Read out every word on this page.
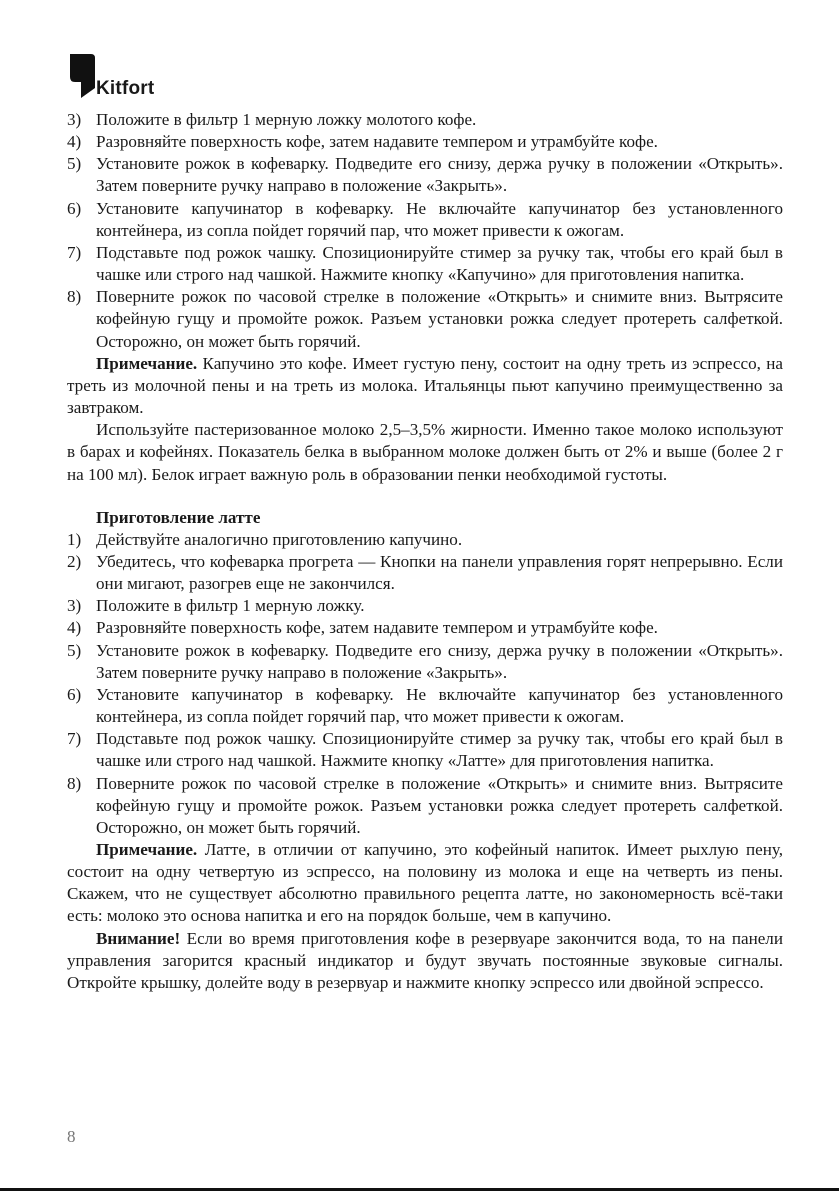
Kitfort
3) Положите в фильтр 1 мерную ложку молотого кофе.
4) Разровняйте поверхность кофе, затем надавите темпером и утрамбуйте кофе.
5) Установите рожок в кофеварку. Подведите его снизу, держа ручку в положении «Открыть». Затем поверните ручку направо в положение «Закрыть».
6) Установите капучинатор в кофеварку. Не включайте капучинатор без установленного контейнера, из сопла пойдет горячий пар, что может привести к ожогам.
7) Подставьте под рожок чашку. Спозиционируйте стимер за ручку так, чтобы его край был в чашке или строго над чашкой. Нажмите кнопку «Капучино» для приготовления напитка.
8) Поверните рожок по часовой стрелке в положение «Открыть» и снимите вниз. Вытрясите кофейную гущу и промойте рожок. Разъем установки рожка следует протереть салфеткой. Осторожно, он может быть горячий.

Примечание. Капучино это кофе. Имеет густую пену, состоит на одну треть из эспрессо, на треть из молочной пены и на треть из молока. Итальянцы пьют капучино преимущественно за завтраком.

Используйте пастеризованное молоко 2,5–3,5% жирности. Именно такое молоко используют в барах и кофейнях. Показатель белка в выбранном молоке должен быть от 2% и выше (более 2 г на 100 мл). Белок играет важную роль в образовании пенки необходимой густоты.

Приготовление латте
1) Действуйте аналогично приготовлению капучино.
2) Убедитесь, что кофеварка прогрета — Кнопки на панели управления горят непрерывно. Если они мигают, разогрев еще не закончился.
3) Положите в фильтр 1 мерную ложку.
4) Разровняйте поверхность кофе, затем надавите темпером и утрамбуйте кофе.
5) Установите рожок в кофеварку. Подведите его снизу, держа ручку в положении «Открыть». Затем поверните ручку направо в положение «Закрыть».
6) Установите капучинатор в кофеварку. Не включайте капучинатор без установленного контейнера, из сопла пойдет горячий пар, что может привести к ожогам.
7) Подставьте под рожок чашку. Спозиционируйте стимер за ручку так, чтобы его край был в чашке или строго над чашкой. Нажмите кнопку «Латте» для приготовления напитка.
8) Поверните рожок по часовой стрелке в положение «Открыть» и снимите вниз. Вытрясите кофейную гущу и промойте рожок. Разъем установки рожка следует протереть салфеткой. Осторожно, он может быть горячий.

Примечание. Латте, в отличии от капучино, это кофейный напиток. Имеет рыхлую пену, состоит на одну четвертую из эспрессо, на половину из молока и еще на четверть из пены. Скажем, что не существует абсолютно правильного рецепта латте, но закономерность всё-таки есть: молоко это основа напитка и его на порядок больше, чем в капучино.

Внимание! Если во время приготовления кофе в резервуаре закончится вода, то на панели управления загорится красный индикатор и будут звучать постоянные звуковые сигналы. Откройте крышку, долейте воду в резервуар и нажмите кнопку эспрессо или двойной эспрессо.

8
